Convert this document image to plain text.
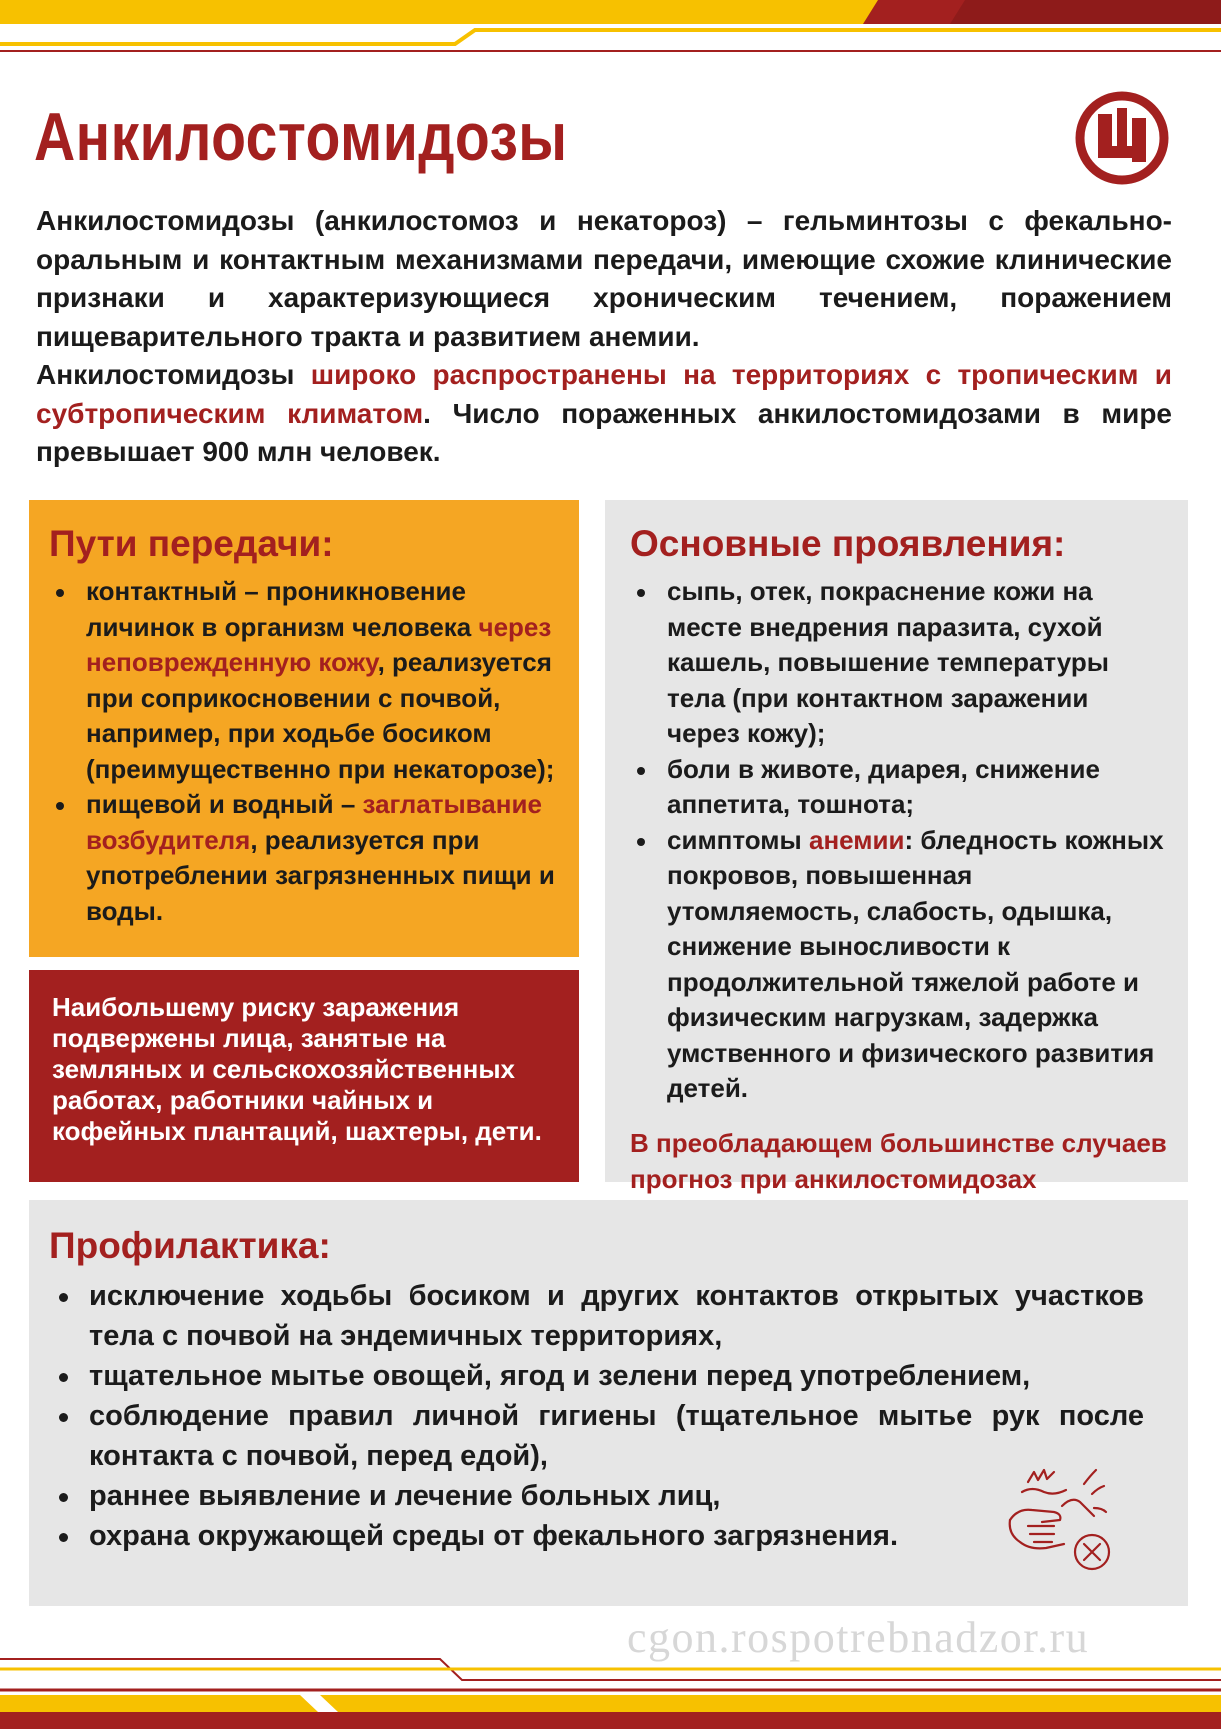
Анкилостомидозы

Анкилостомидозы (анкилостомоз и некатороз) – гельминтозы с фекально-оральным и контактным механизмами передачи, имеющие схожие клинические признаки и характеризующиеся хроническим течением, поражением пищеварительного тракта и развитием анемии.

Анкилостомидозы широко распространены на территориях с тропическим и субтропическим климатом. Число пораженных анкилостомидозами в мире превышает 900 млн человек.

Пути передачи:
контактный – проникновение личинок в организм человека через неповрежденную кожу, реализуется при соприкосновении с почвой, например, при ходьбе босиком (преимущественно при некаторозе);
пищевой и водный – заглатывание возбудителя, реализуется при употреблении загрязненных пищи и воды.

Наибольшему риску заражения подвержены лица, занятые на земляных и сельскохозяйственных работах, работники чайных и кофейных плантаций, шахтеры, дети.

Основные проявления:
сыпь, отек, покраснение кожи на месте внедрения паразита, сухой кашель, повышение температуры тела (при контактном заражении через кожу);
боли в животе, диарея, снижение аппетита, тошнота;
симптомы анемии: бледность кожных покровов, повышенная утомляемость, слабость, одышка, снижение выносливости к продолжительной тяжелой работе и физическим нагрузкам, задержка умственного и физического развития детей.

В преобладающем большинстве случаев прогноз при анкилостомидозах

Профилактика:
исключение ходьбы босиком и других контактов открытых участков тела с почвой на эндемичных территориях,
тщательное мытье овощей, ягод и зелени перед употреблением,
соблюдение правил личной гигиены (тщательное мытье рук после контакта с почвой, перед едой),
раннее выявление и лечение больных лиц,
охрана окружающей среды от фекального загрязнения.
cgon.rospotrebnadzor.ru
